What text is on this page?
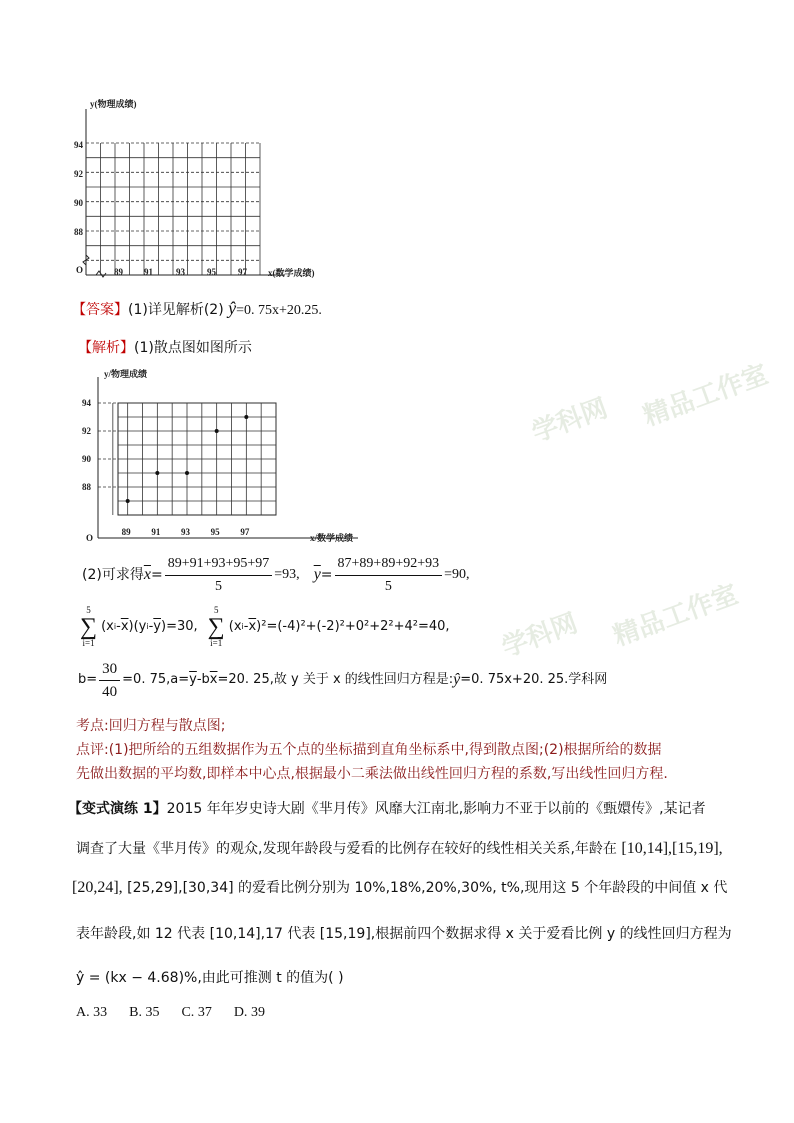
学科网 精品工作室
学科网 精品工作室
y(物理成绩)
x(数学成绩)
O
94
92
90
88
89 91	93 95 97
【答案】(1)详见解析(2) ŷ=0. 75x+20.25.
【解析】(1)散点图如图所示
y/物理成绩
x/数学成绩
O
94
92
90
88
89 91 93 95 97
(2)可求得 $\overline{x} = \frac{89+91+93+95+97}{5} =93$, $\overline{y} = \frac{87+89+89+92+93}{5} =90$,
5
∑
i=1
(x i - $\overline{x}$ )(y i - $\overline{y}$ )=30,
5
∑
i=1
(x i - $\overline{x}$ )²=(-4)²+(-2)²+0²+2²+4²=40,
$b= \frac{30}{40} =0$. $75,a= \overline{y}$ -b $\overline{x} =20$. 25,故 y 关于 x 的线性回归方程是: ŷ =0. 75x+20. 25.学科网
考点:回归方程与散点图;
点评:(1)把所给的五组数据作为五个点的坐标描到直角坐标系中,得到散点图;(2)根据所给的数据
先做出数据的平均数,即样本中心点,根据最小二乘法做出线性回归方程的系数,写出线性回归方程.
【变式演练 1】2015 年年岁史诗大剧《芈月传》风靡大江南北,影响力不亚于以前的《甄嬛传》,某记者
调查了大量《芈月传》的观众,发现年龄段与爱看的比例存在较好的线性相关关系,年龄在 [10,14],[15,19],
[20,24], [25,29],[30,34] 的爱看比例分别为 10%,18%,20%,30%, t%,现用这 5 个年龄段的中间值 x 代
表年龄段,如 12 代表 [10,14],17 代表 [15,19],根据前四个数据求得 x 关于爱看比例 y 的线性回归方程为
ŷ = (kx − 4.68)%,由此可推测 t 的值为( )
A. 33 B. 35 C. 37 D. 39
